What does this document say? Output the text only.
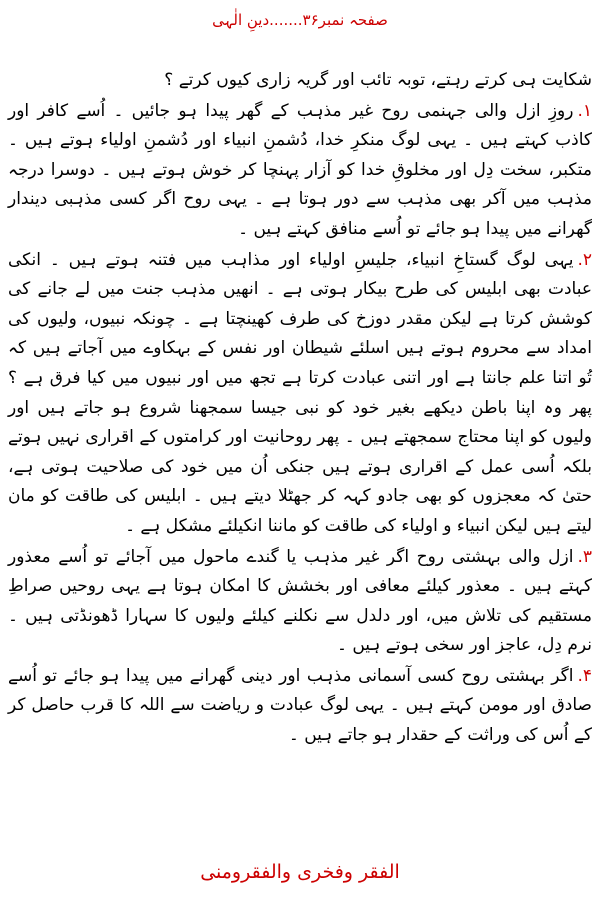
صفحہ نمبر۳۶.......دینِ الٰہی

شکایت ہی کرتے رہتے، توبہ تائب اور گریہ زاری کیوں کرتے ؟

۱.روزِ ازل والی جہنمی روح غیر مذہب کے گھر پیدا ہو جائیں ۔ اُسے کافر اور کاذب کہتے ہیں ۔ یہی لوگ منکرِ خدا، دُشمنِ انبیاء اور دُشمنِ اولیاء ہوتے ہیں ۔ متکبر، سخت دِل اور مخلوقِ خدا کو آزار پہنچا کر خوش ہوتے ہیں ۔ دوسرا درجہ مذہب میں آکر بھی مذہب سے دور ہوتا ہے ۔ یہی روح اگر کسی مذہبی دیندار گھرانے میں پیدا ہو جائے تو اُسے منافق کہتے ہیں ۔

۲.یہی لوگ گستاخِ انبیاء، جلیسِ اولیاء اور مذاہب میں فتنہ ہوتے ہیں ۔ انکی عبادت بھی ابلیس کی طرح بیکار ہوتی ہے ۔ انھیں مذہب جنت میں لے جانے کی کوشش کرتا ہے لیکن مقدر دوزخ کی طرف کھینچتا ہے ۔ چونکہ نبیوں، ولیوں کی امداد سے محروم ہوتے ہیں اسلئے شیطان اور نفس کے بہکاوے میں آجاتے ہیں کہ تُو اتنا علم جانتا ہے اور اتنی عبادت کرتا ہے تجھ میں اور نبیوں میں کیا فرق ہے ؟ پھر وہ اپنا باطن دیکھے بغیر خود کو نبی جیسا سمجھنا شروع ہو جاتے ہیں اور ولیوں کو اپنا محتاج سمجھتے ہیں ۔ پھر روحانیت اور کرامتوں کے اقراری نہیں ہوتے بلکہ اُسی عمل کے اقراری ہوتے ہیں جنکی اُن میں خود کی صلاحیت ہوتی ہے، حتیٰ کہ معجزوں کو بھی جادو کہہ کر جھٹلا دیتے ہیں ۔ ابلیس کی طاقت کو مان لیتے ہیں لیکن انبیاء و اولیاء کی طاقت کو ماننا انکیلئے مشکل ہے ۔

۳.ازل والی بہشتی روح اگر غیر مذہب یا گندے ماحول میں آجائے تو اُسے معذور کہتے ہیں ۔ معذور کیلئے معافی اور بخشش کا امکان ہوتا ہے یہی روحیں صراطِ مستقیم کی تلاش میں، اور دلدل سے نکلنے کیلئے ولیوں کا سہارا ڈھونڈتی ہیں ۔ نرم دِل، عاجز اور سخی ہوتے ہیں ۔

۴.اگر بہشتی روح کسی آسمانی مذہب اور دینی گھرانے میں پیدا ہو جائے تو اُسے صادق اور مومن کہتے ہیں ۔ یہی لوگ عبادت و ریاضت سے اللہ کا قرب حاصل کر کے اُس کی وراثت کے حقدار ہو جاتے ہیں ۔

الفقر وفخری والفقرومنی
